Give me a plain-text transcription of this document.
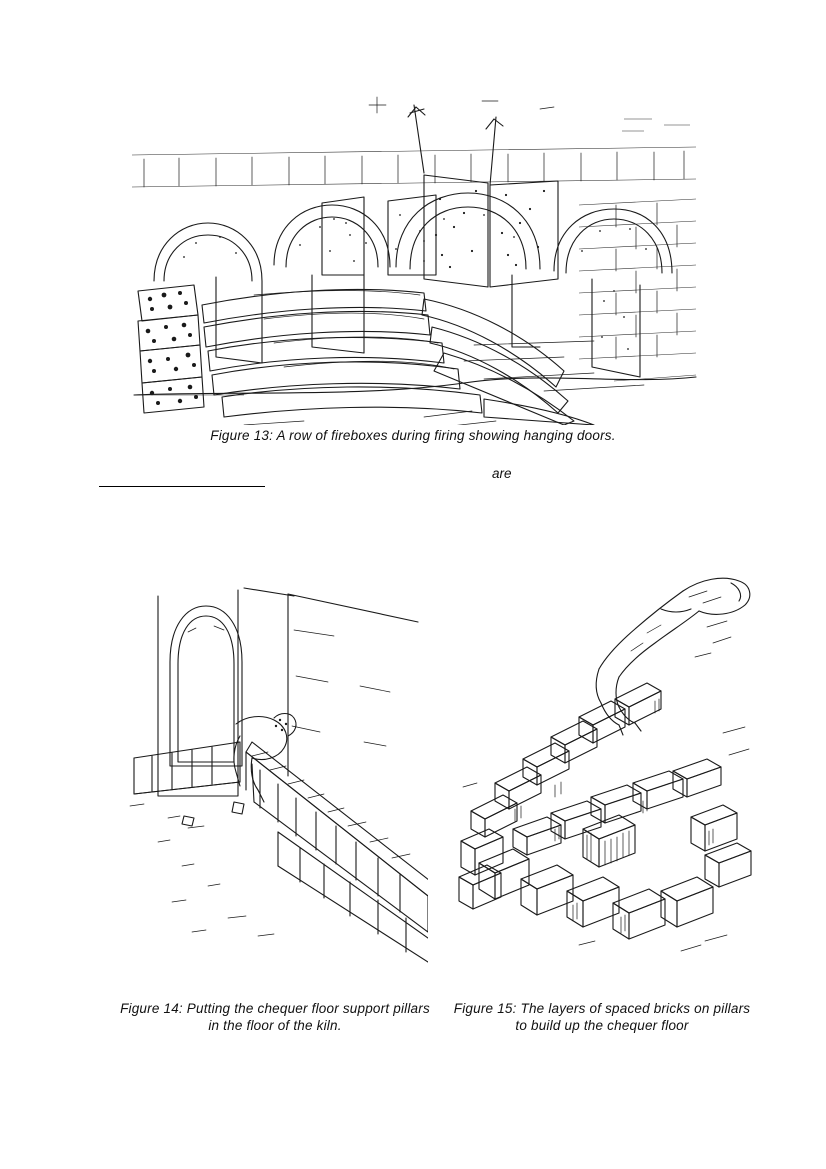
Figure 13: A row of fireboxes during firing showing hanging doors.
are
Figure 14: Putting the chequer floor support pillars in the floor of the kiln.
Figure 15: The layers of spaced bricks on pillars to build up the chequer floor
